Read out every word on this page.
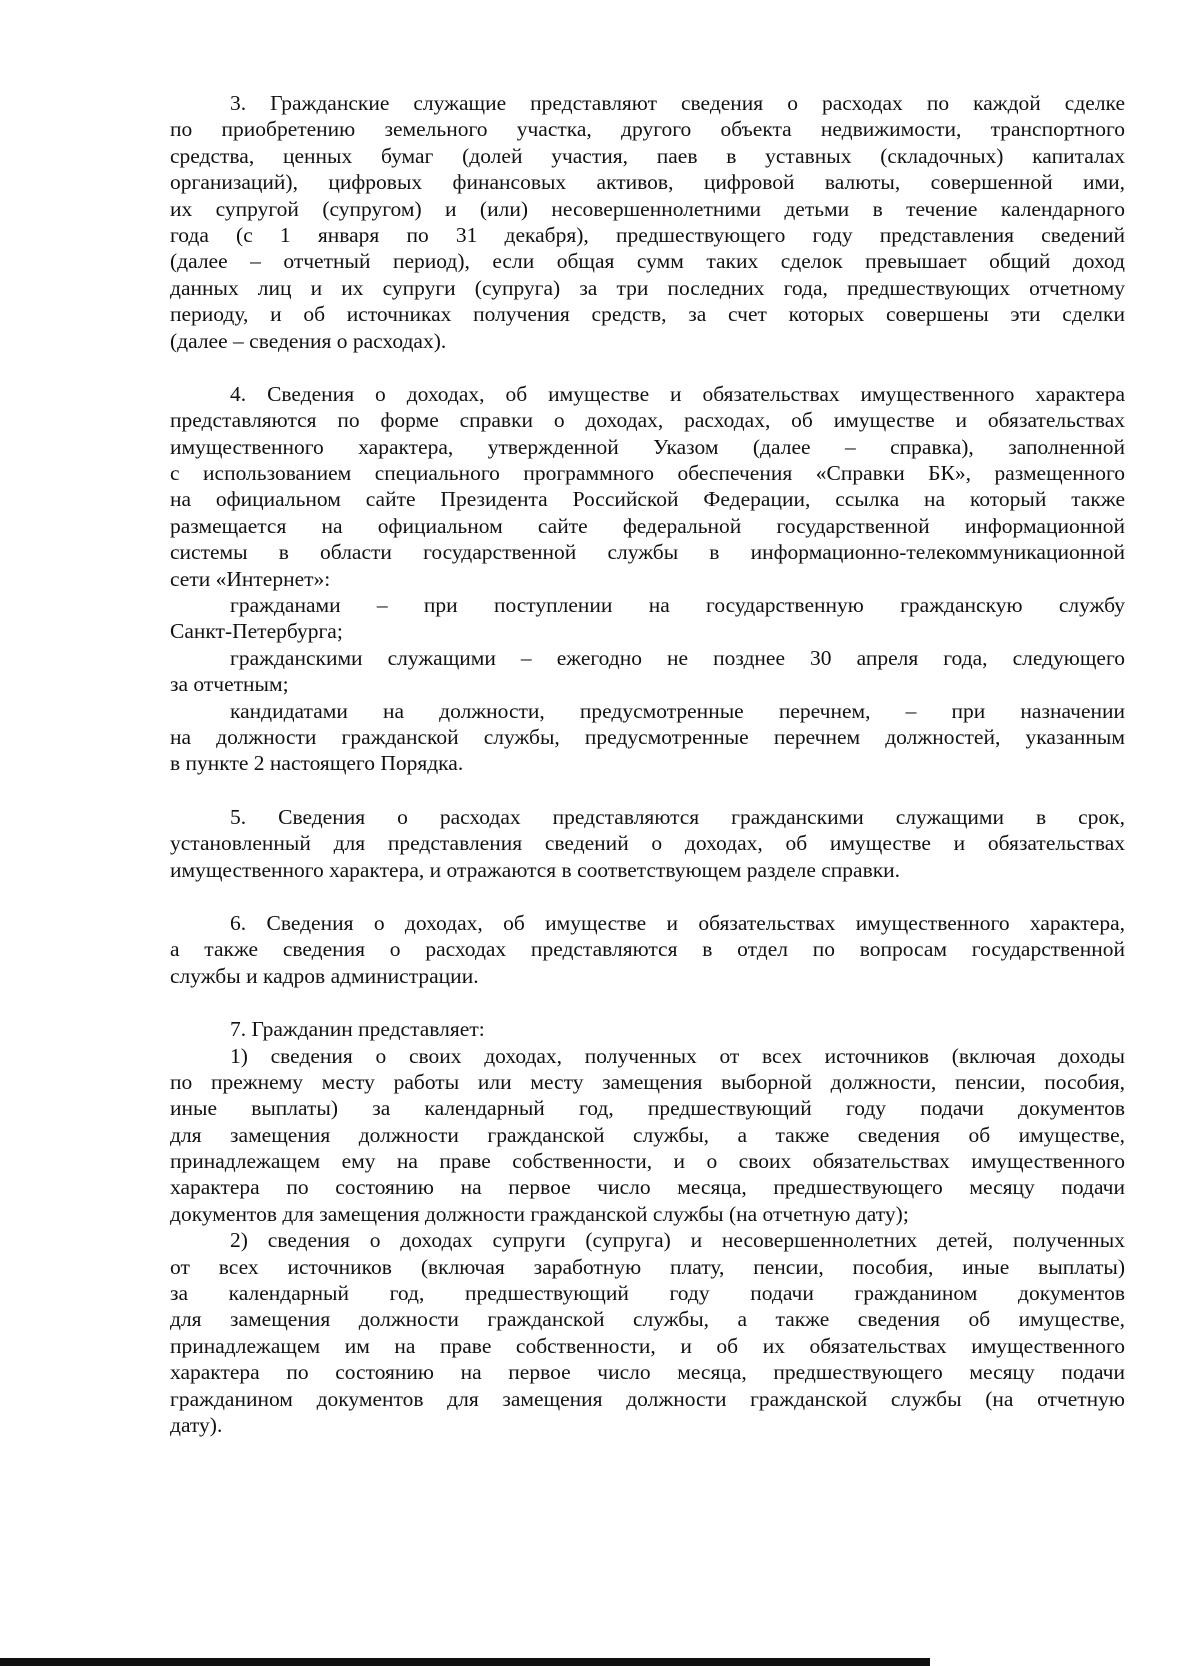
3. Гражданские служащие представляют сведения о расходах по каждой сделке

по приобретению земельного участка, другого объекта недвижимости, транспортного

средства, ценных бумаг (долей участия, паев в уставных (складочных) капиталах

организаций), цифровых финансовых активов, цифровой валюты, совершенной ими,

их супругой (супругом) и (или) несовершеннолетними детьми в течение календарного

года (с 1 января по 31 декабря), предшествующего году представления сведений

(далее – отчетный период), если общая сумм таких сделок превышает общий доход

данных лиц и их супруги (супруга) за три последних года, предшествующих отчетному

периоду, и об источниках получения средств, за счет которых совершены эти сделки

(далее – сведения о расходах).

4. Сведения о доходах, об имуществе и обязательствах имущественного характера

представляются по форме справки о доходах, расходах, об имуществе и обязательствах

имущественного характера, утвержденной Указом (далее – справка), заполненной

с использованием специального программного обеспечения «Справки БК», размещенного

на официальном сайте Президента Российской Федерации, ссылка на который также

размещается на официальном сайте федеральной государственной информационной

системы в области государственной службы в информационно-телекоммуникационной

сети «Интернет»:

гражданами – при поступлении на государственную гражданскую службу

Санкт-Петербурга;

гражданскими служащими – ежегодно не позднее 30 апреля года, следующего

за отчетным;

кандидатами на должности, предусмотренные перечнем, – при назначении

на должности гражданской службы, предусмотренные перечнем должностей, указанным

в пункте 2 настоящего Порядка.

5. Сведения о расходах представляются гражданскими служащими в срок,

установленный для представления сведений о доходах, об имуществе и обязательствах

имущественного характера, и отражаются в соответствующем разделе справки.

6. Сведения о доходах, об имуществе и обязательствах имущественного характера,

а также сведения о расходах представляются в отдел по вопросам государственной

службы и кадров администрации.

7. Гражданин представляет:

1) сведения о своих доходах, полученных от всех источников (включая доходы

по прежнему месту работы или месту замещения выборной должности, пенсии, пособия,

иные выплаты) за календарный год, предшествующий году подачи документов

для замещения должности гражданской службы, а также сведения об имуществе,

принадлежащем ему на праве собственности, и о своих обязательствах имущественного

характера по состоянию на первое число месяца, предшествующего месяцу подачи

документов для замещения должности гражданской службы (на отчетную дату);

2) сведения о доходах супруги (супруга) и несовершеннолетних детей, полученных

от всех источников (включая заработную плату, пенсии, пособия, иные выплаты)

за календарный год, предшествующий году подачи гражданином документов

для замещения должности гражданской службы, а также сведения об имуществе,

принадлежащем им на праве собственности, и об их обязательствах имущественного

характера по состоянию на первое число месяца, предшествующего месяцу подачи

гражданином документов для замещения должности гражданской службы (на отчетную

дату).
